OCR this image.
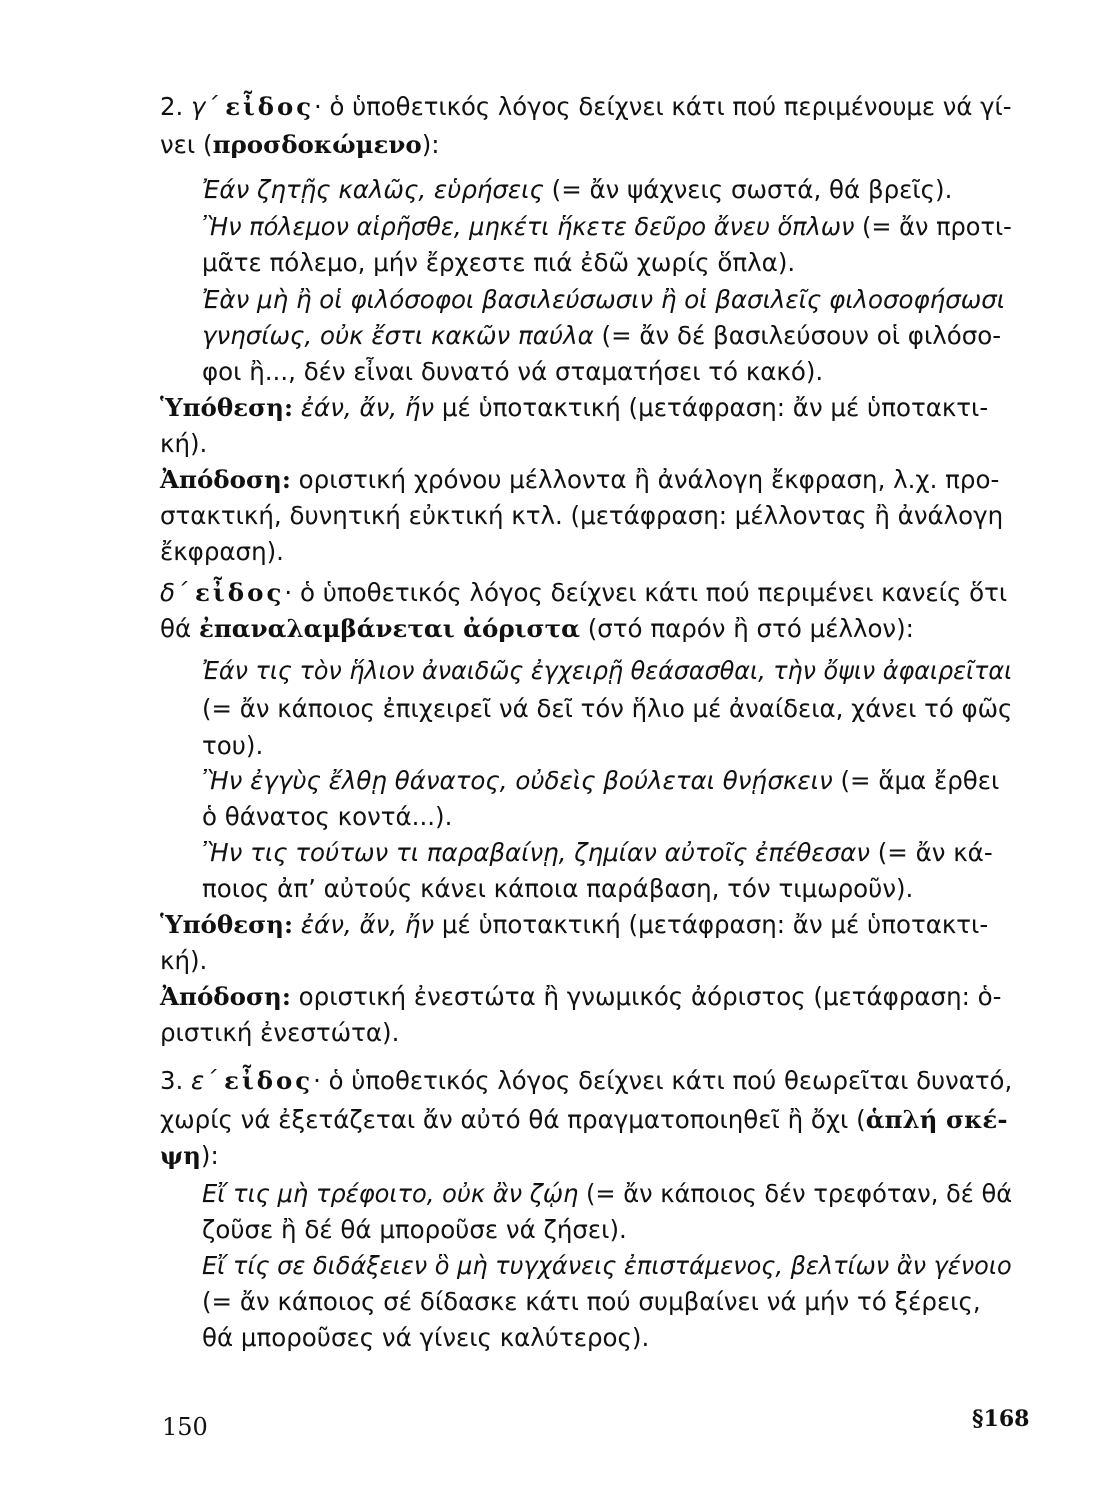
2. γ΄ εἶδος· ὁ ὑποθετικός λόγος δείχνει κάτι πού περιμένουμε νά γί-
νει (προσδοκώμενο):
Ἐάν ζητῇς καλῶς, εὑρήσεις (= ἄν ψάχνεις σωστά, θά βρεῖς).
Ἢν πόλεμον αἱρῆσθε, μηκέτι ἥκετε δεῦρο ἄνευ ὅπλων (= ἄν προτι-
μᾶτε πόλεμο, μήν ἔρχεστε πιά ἐδῶ χωρίς ὅπλα).
Ἐὰν μὴ ἢ οἱ φιλόσοφοι βασιλεύσωσιν ἢ οἱ βασιλεῖς φιλοσοφήσωσι
γνησίως, οὐκ ἔστι κακῶν παύλα (= ἄν δέ βασιλεύσουν οἱ φιλόσο-
φοι ἢ..., δέν εἶναι δυνατό νά σταματήσει τό κακό).
Ὑπόθεση: ἐάν, ἄν, ἤν μέ ὑποτακτική (μετάφραση: ἄν μέ ὑποτακτι-
κή).
Ἀπόδοση: οριστική χρόνου μέλλοντα ἢ ἀνάλογη ἔκφραση, λ.χ. προ-
στακτική, δυνητική εὐκτική κτλ. (μετάφραση: μέλλοντας ἢ ἀνάλογη
ἔκφραση).
δ΄ εἶδος· ὁ ὑποθετικός λόγος δείχνει κάτι πού περιμένει κανείς ὅτι
θά ἐπαναλαμβάνεται ἀόριστα (στό παρόν ἢ στό μέλλον):
Ἐάν τις τὸν ἥλιον ἀναιδῶς ἐγχειρῇ θεάσασθαι, τὴν ὄψιν ἀφαιρεῖται
(= ἄν κάποιος ἐπιχειρεῖ νά δεῖ τόν ἥλιο μέ ἀναίδεια, χάνει τό φῶς
του).
Ἢν ἐγγὺς ἔλθῃ θάνατος, οὐδεὶς βούλεται θνῄσκειν (= ἅμα ἔρθει
ὁ θάνατος κοντά...).
Ἢν τις τούτων τι παραβαίνῃ, ζημίαν αὐτοῖς ἐπέθεσαν (= ἄν κά-
ποιος ἀπ’ αὐτούς κάνει κάποια παράβαση, τόν τιμωροῦν).
Ὑπόθεση: ἐάν, ἄν, ἤν μέ ὑποτακτική (μετάφραση: ἄν μέ ὑποτακτι-
κή).
Ἀπόδοση: οριστική ἐνεστώτα ἢ γνωμικός ἀόριστος (μετάφραση: ὁ-
ριστική ἐνεστώτα).
3. ε΄ εἶδος· ὁ ὑποθετικός λόγος δείχνει κάτι πού θεωρεῖται δυνατό,
χωρίς νά ἐξετάζεται ἄν αὐτό θά πραγματοποιηθεῖ ἢ ὄχι (ἁπλή σκέ-
ψη):
Εἴ τις μὴ τρέφοιτο, οὐκ ἂν ζῴη (= ἄν κάποιος δέν τρεφόταν, δέ θά
ζοῦσε ἢ δέ θά μποροῦσε νά ζήσει).
Εἴ τίς σε διδάξειεν ὃ μὴ τυγχάνεις ἐπιστάμενος, βελτίων ἂν γένοιο
(= ἄν κάποιος σέ δίδασκε κάτι πού συμβαίνει νά μήν τό ξέρεις,
θά μποροῦσες νά γίνεις καλύτερος).
150	§168
